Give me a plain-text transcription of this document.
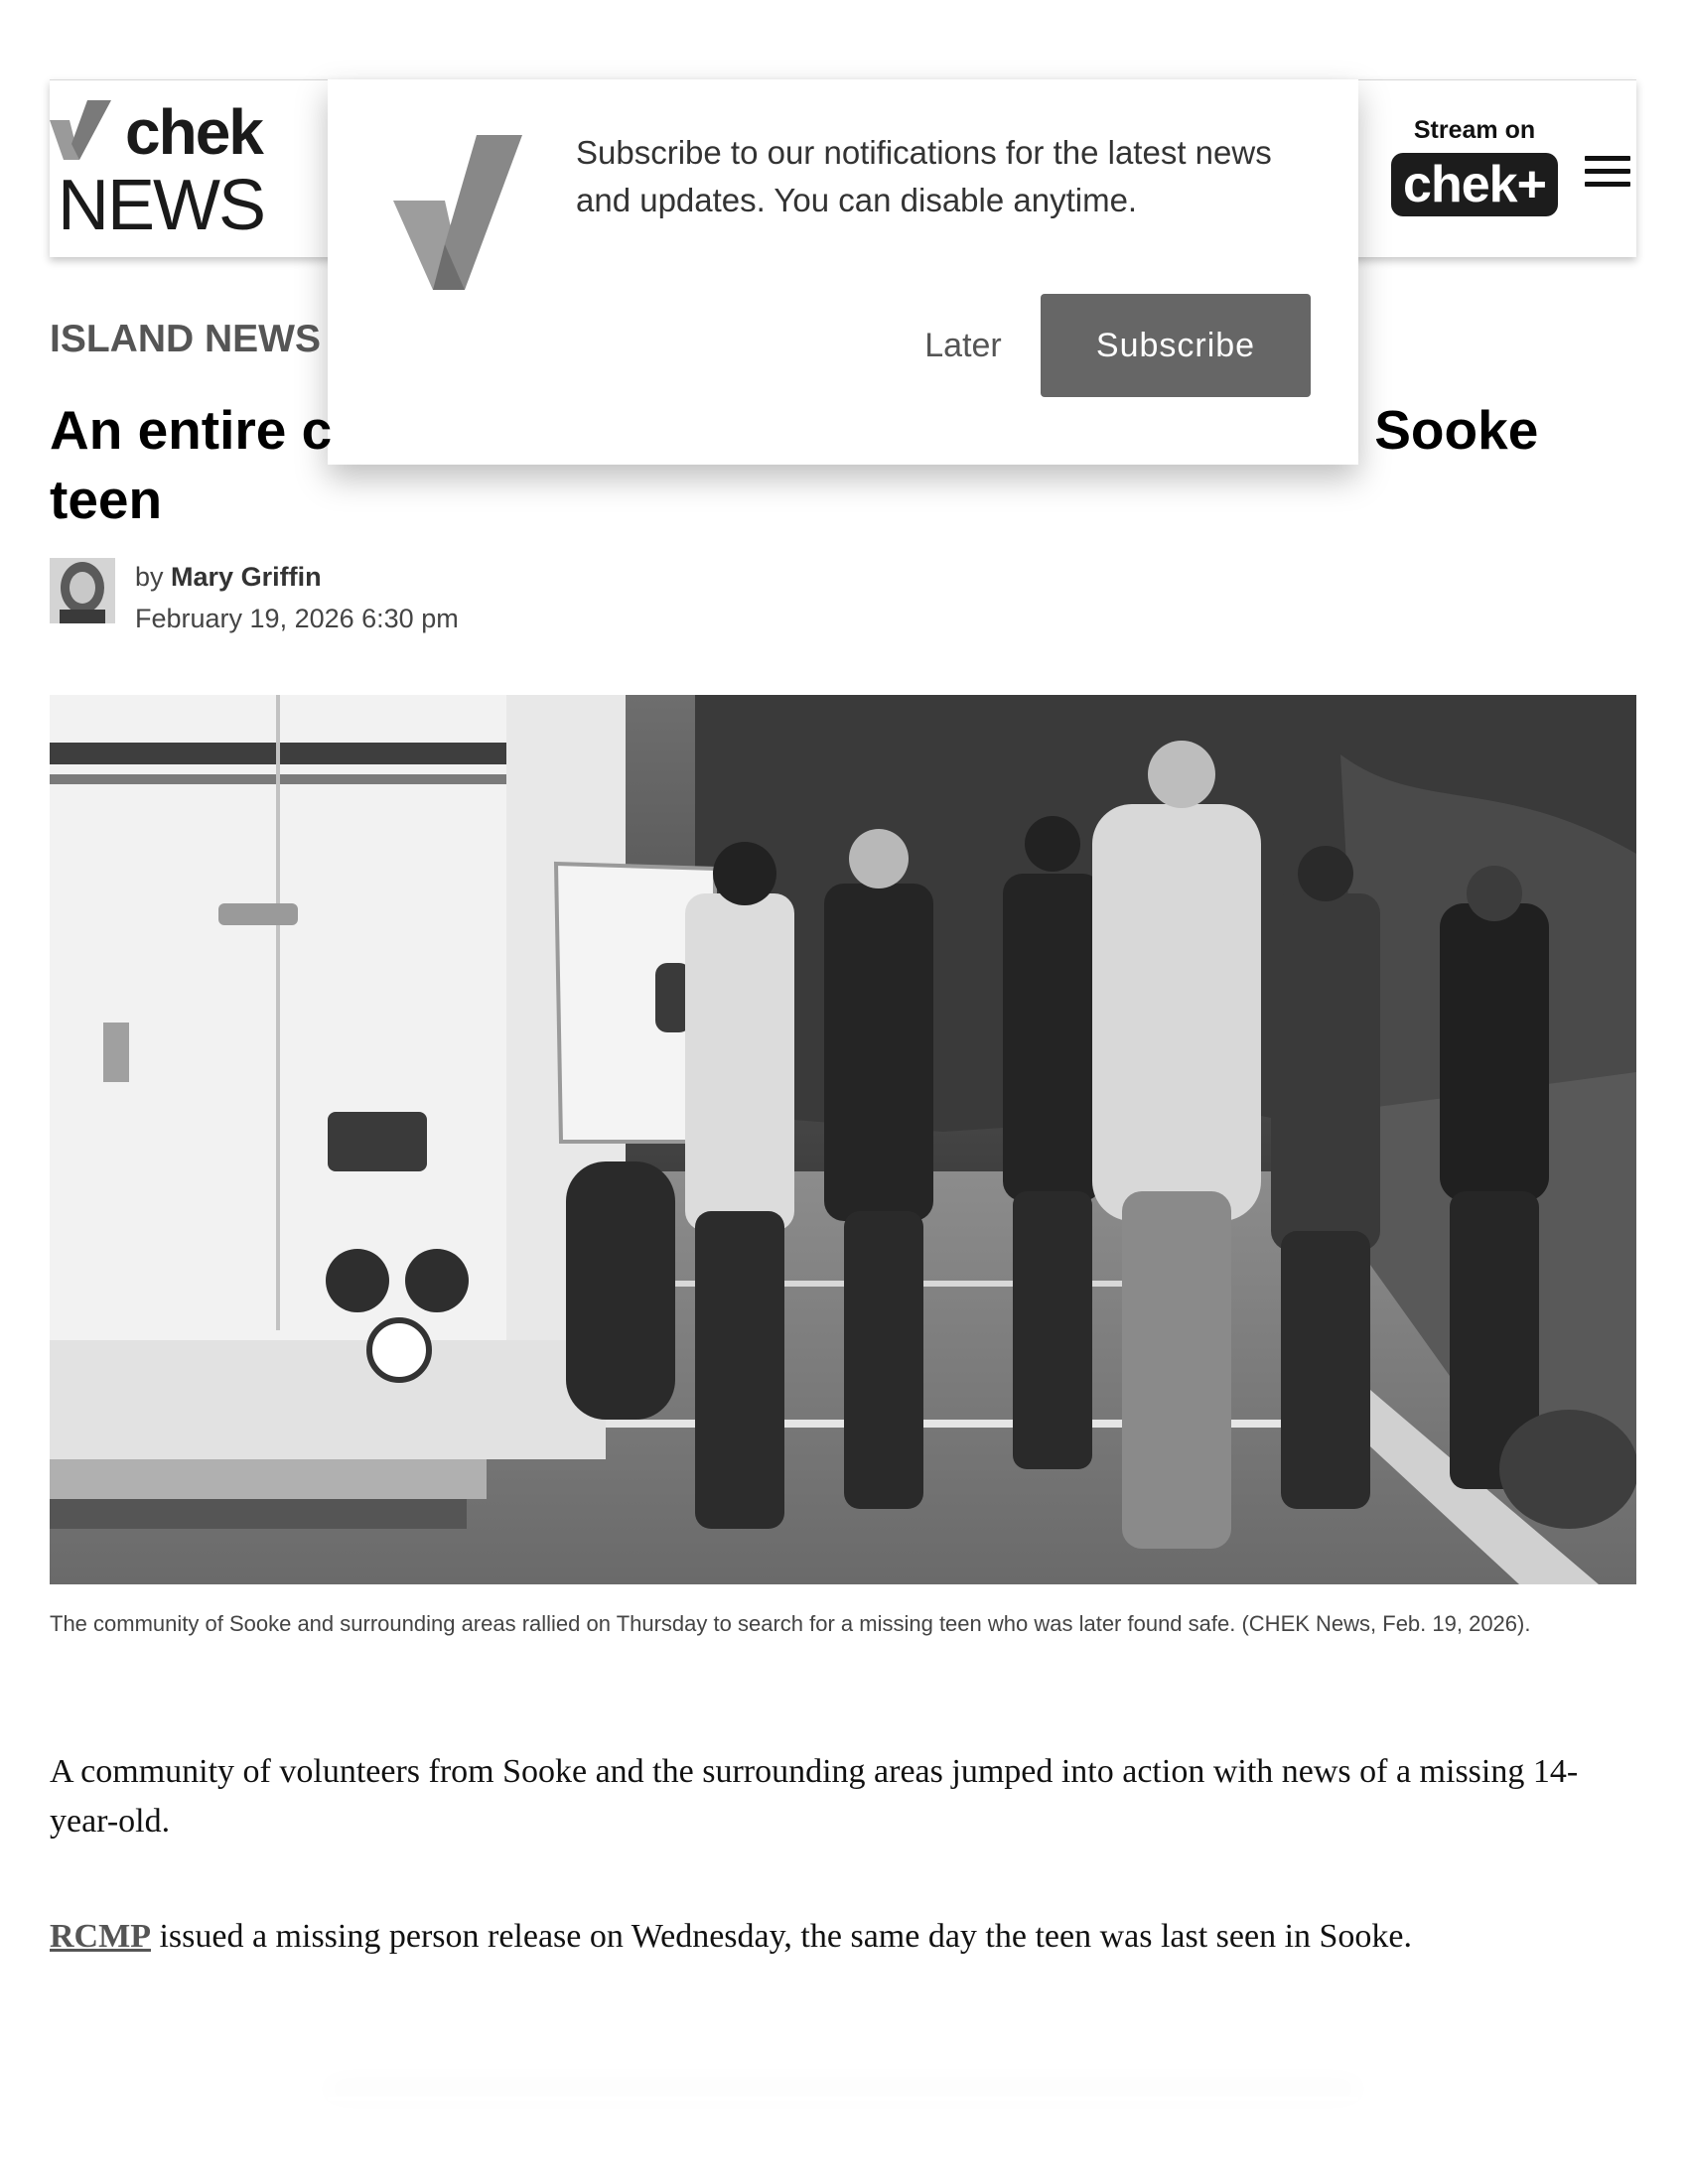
chek
NEWS
Stream on
chek+
Subscribe to our notifications for the latest news and updates. You can disable anytime.
Later	Subscribe
ISLAND NEWS
An entire c	Sooke
teen
by Mary Griffin
February 19, 2026 6:30 pm

The community of Sooke and surrounding areas rallied on Thursday to search for a missing teen who was later found safe. (CHEK News, Feb. 19, 2026).

A community of volunteers from Sooke and the surrounding areas jumped into action with news of a missing 14-year-old.

RCMP issued a missing person release on Wednesday, the same day the teen was last seen in Sooke.
